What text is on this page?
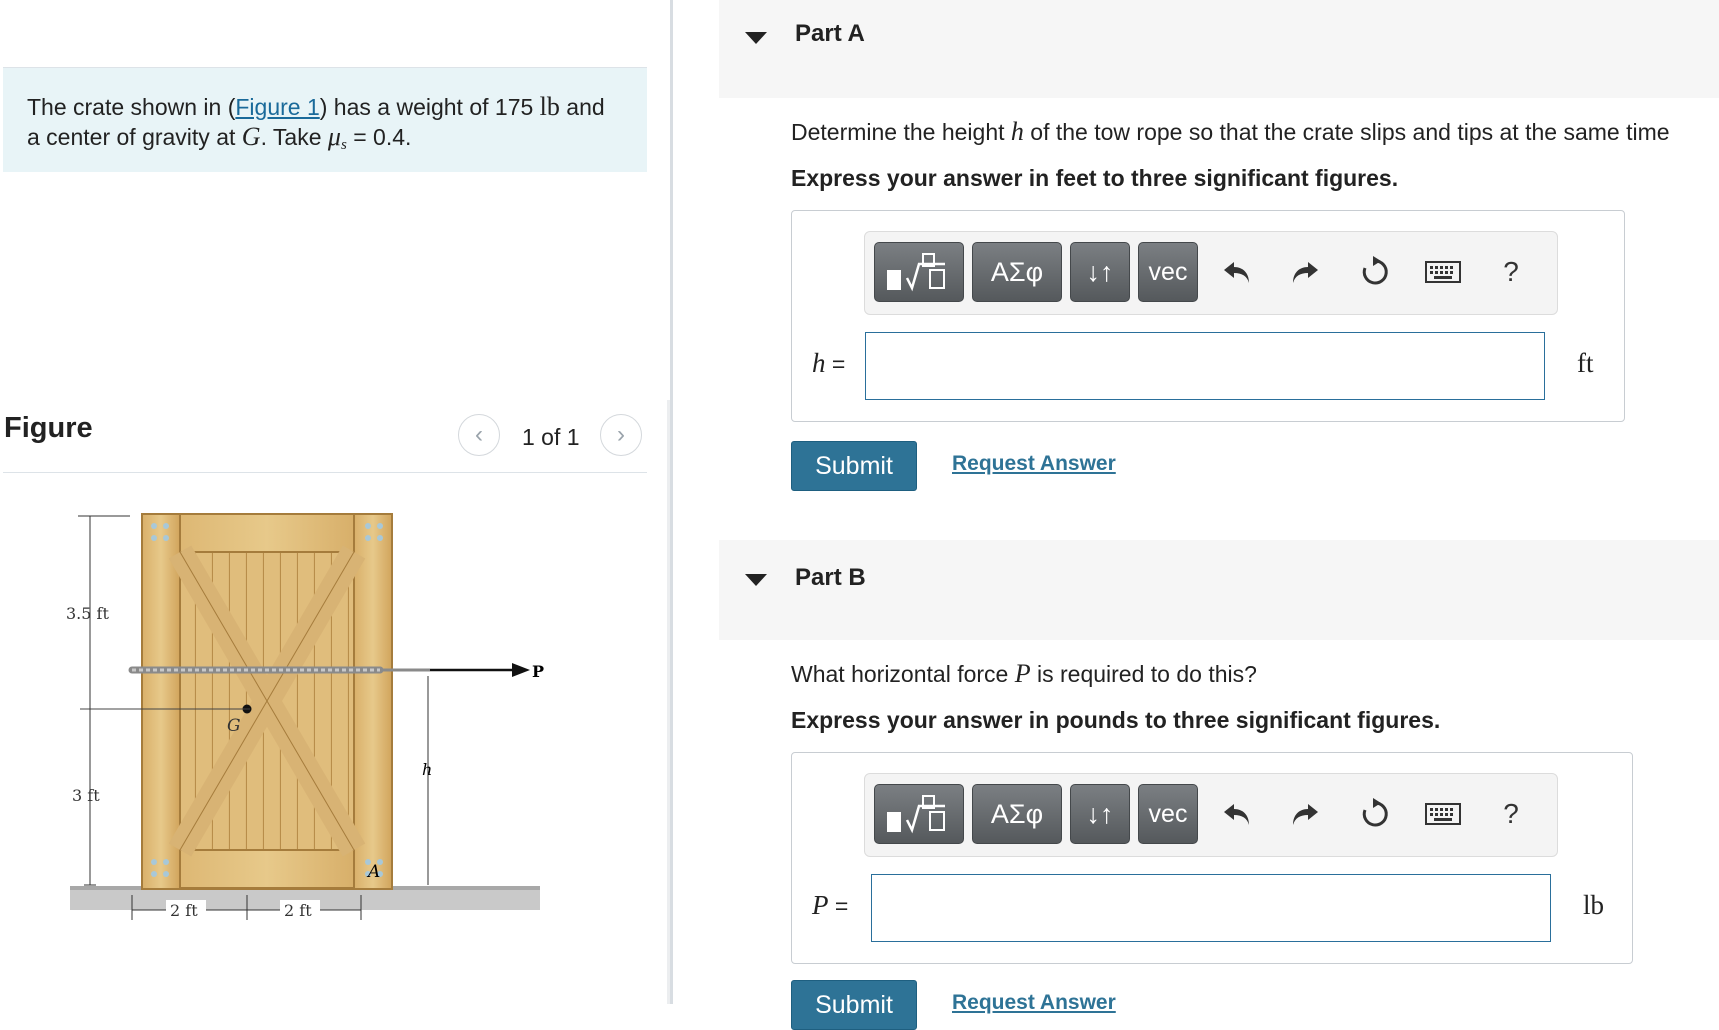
The crate shown in (Figure 1) has a weight of 175 lb and a center of gravity at G. Take $\mu_s = 0.4$.
Figure	‹ 1 of 1 ›
P
G
h
A
3.5 ft
3 ft
2 ft	2 ft
Part A
Determine the height h of the tow rope so that the crate slips and tips at the same time
Express your answer in feet to three significant figures.
ΑΣφ	↓↑	vec	?
h =	ft
Submit	Request Answer
Part B
What horizontal force P is required to do this?
Express your answer in pounds to three significant figures.
ΑΣφ	↓↑	vec	?
P =	lb
Submit	Request Answer
